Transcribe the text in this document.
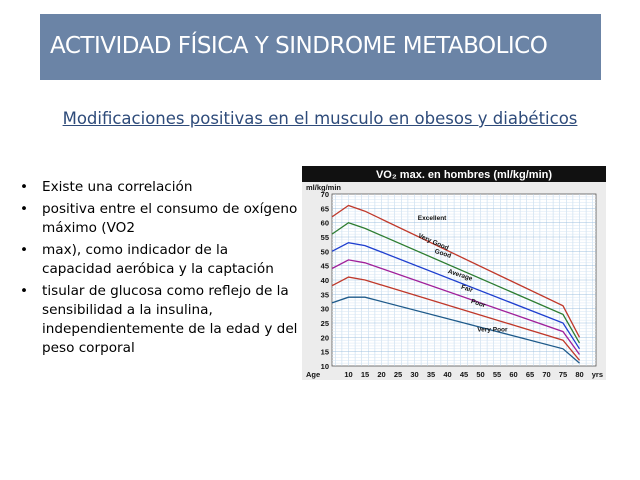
ACTIVIDAD FÍSICA Y SINDROME METABOLICO
Modificaciones positivas en el musculo en obesos y diabéticos
• Existe una correlación
• positiva entre el consumo de oxígeno máximo (VO2
• max), como indicador de la capacidad aeróbica y la captación
• tisular de glucosa como reflejo de la sensibilidad a la insulina, independientemente de la edad y del peso corporal
VO₂ max. en hombres (ml/kg/min)
ml/kg/min
10
15
20
25
30
35
40
45
50
55
60
65
70
10 15 20 25 30 35 40 45 50 55 60 65 70 75 80
Age	yrs
Excellent
Very Good
Good
Average
Fair
Poor
Very Poor
